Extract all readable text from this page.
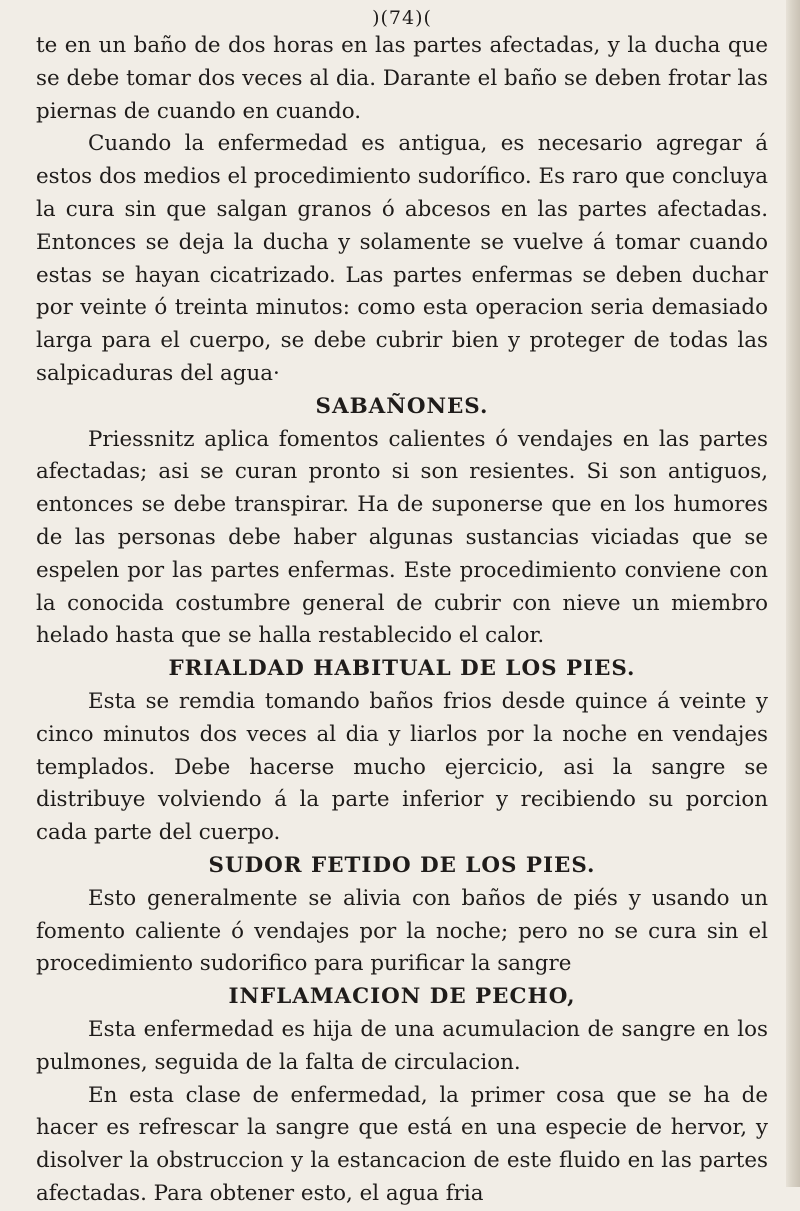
)(74)(

te en un baño de dos horas en las partes afectadas, y la ducha que se debe tomar dos veces al dia. Darante el baño se deben frotar las piernas de cuando en cuando.

Cuando la enfermedad es antigua, es necesario agregar á estos dos medios el procedimiento sudorífico. Es raro que concluya la cura sin que salgan granos ó abcesos en las partes afectadas. Entonces se deja la ducha y solamente se vuelve á tomar cuando estas se hayan cicatrizado. Las partes enfermas se deben duchar por veinte ó treinta minutos: como esta operacion seria demasiado larga para el cuerpo, se debe cubrir bien y proteger de todas las salpicaduras del agua·

SABAÑONES.

Priessnitz aplica fomentos calientes ó vendajes en las partes afectadas; asi se curan pronto si son resientes. Si son antiguos, entonces se debe transpirar. Ha de suponerse que en los humores de las personas debe haber algunas sustancias viciadas que se espelen por las partes enfermas. Este procedimiento conviene con la conocida costumbre general de cubrir con nieve un miembro helado hasta que se halla restablecido el calor.

FRIALDAD HABITUAL DE LOS PIES.

Esta se remdia tomando baños frios desde quince á veinte y cinco minutos dos veces al dia y liarlos por la noche en vendajes templados. Debe hacerse mucho ejercicio, asi la sangre se distribuye volviendo á la parte inferior y recibiendo su porcion cada parte del cuerpo.

SUDOR FETIDO DE LOS PIES.

Esto generalmente se alivia con baños de piés y usando un fomento caliente ó vendajes por la noche; pero no se cura sin el procedimiento sudorifico para purificar la sangre

INFLAMACION DE PECHO,

Esta enfermedad es hija de una acumulacion de sangre en los pulmones, seguida de la falta de circulacion.

En esta clase de enfermedad, la primer cosa que se ha de hacer es refrescar la sangre que está en una especie de hervor, y disolver la obstruccion y la estancacion de este fluido en las partes afectadas. Para obtener esto, el agua fria
